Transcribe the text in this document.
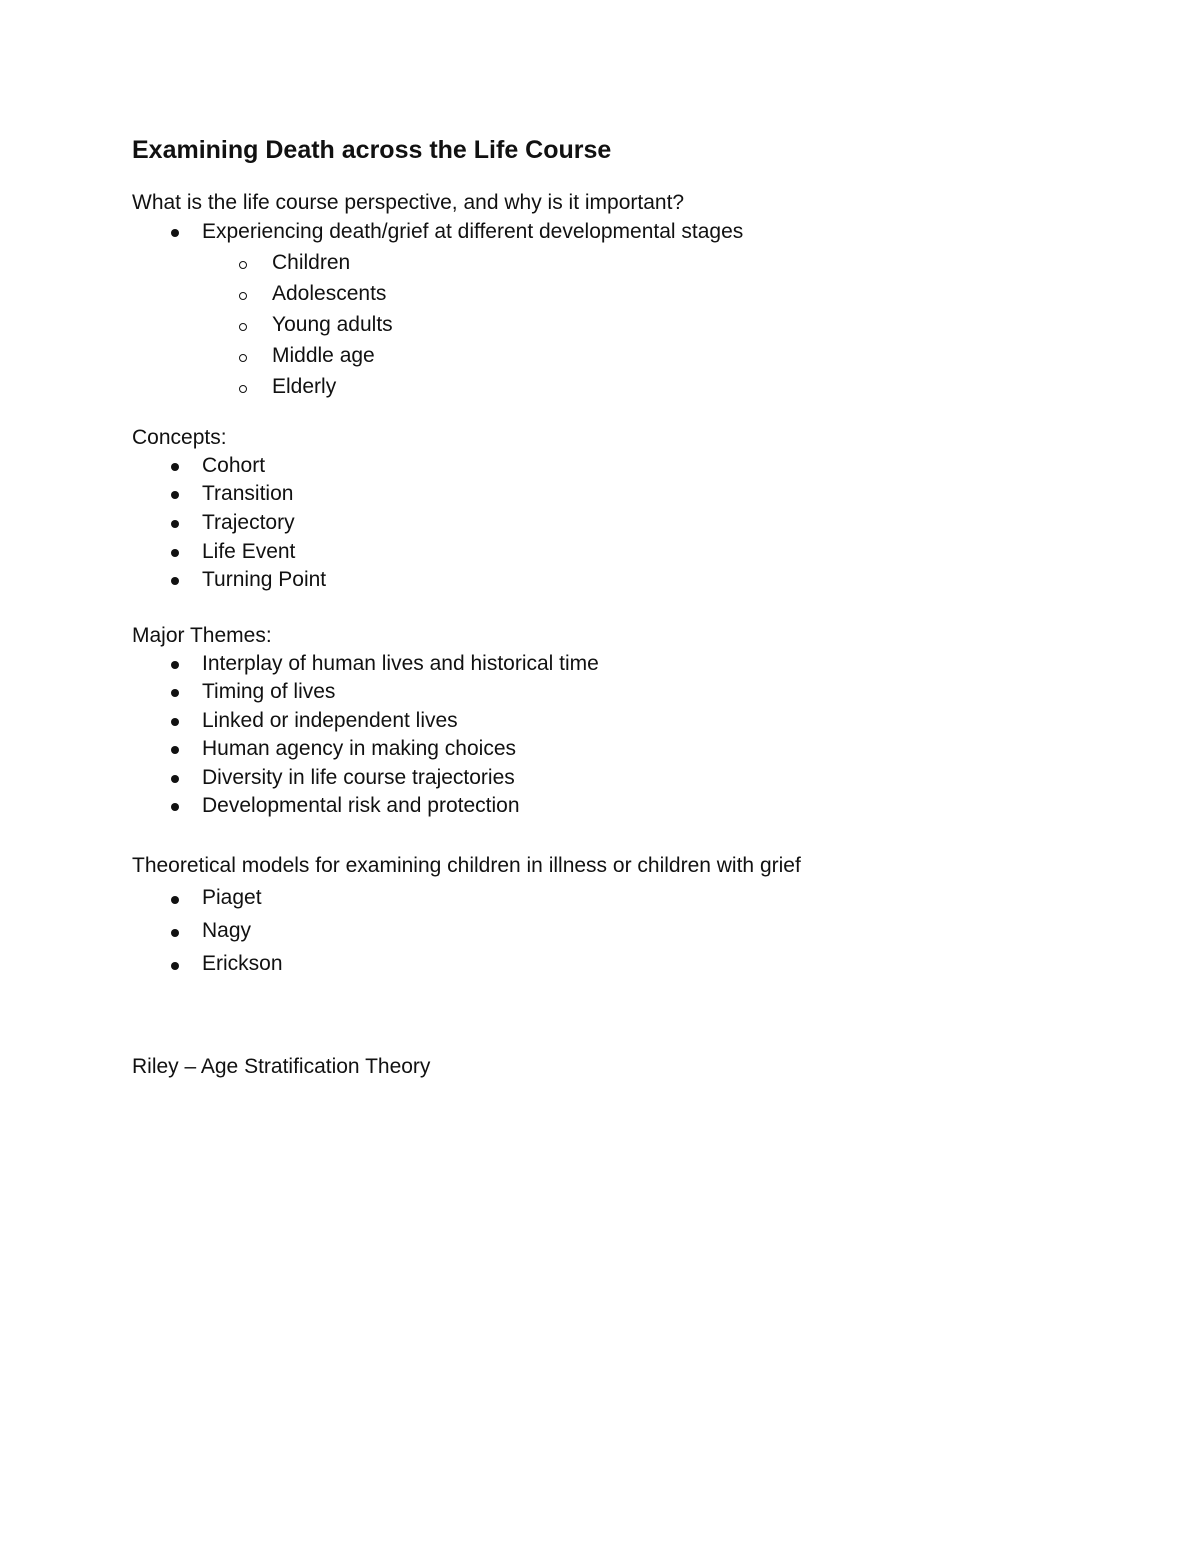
Examining Death across the Life Course

What is the life course perspective, and why is it important?

Experiencing death/grief at different developmental stages

Children

Adolescents

Young adults

Middle age

Elderly

Concepts:

Cohort

Transition

Trajectory

Life Event

Turning Point

Major Themes:

Interplay of human lives and historical time

Timing of lives

Linked or independent lives

Human agency in making choices

Diversity in life course trajectories

Developmental risk and protection

Theoretical models for examining children in illness or children with grief

Piaget

Nagy

Erickson

Riley – Age Stratification Theory
